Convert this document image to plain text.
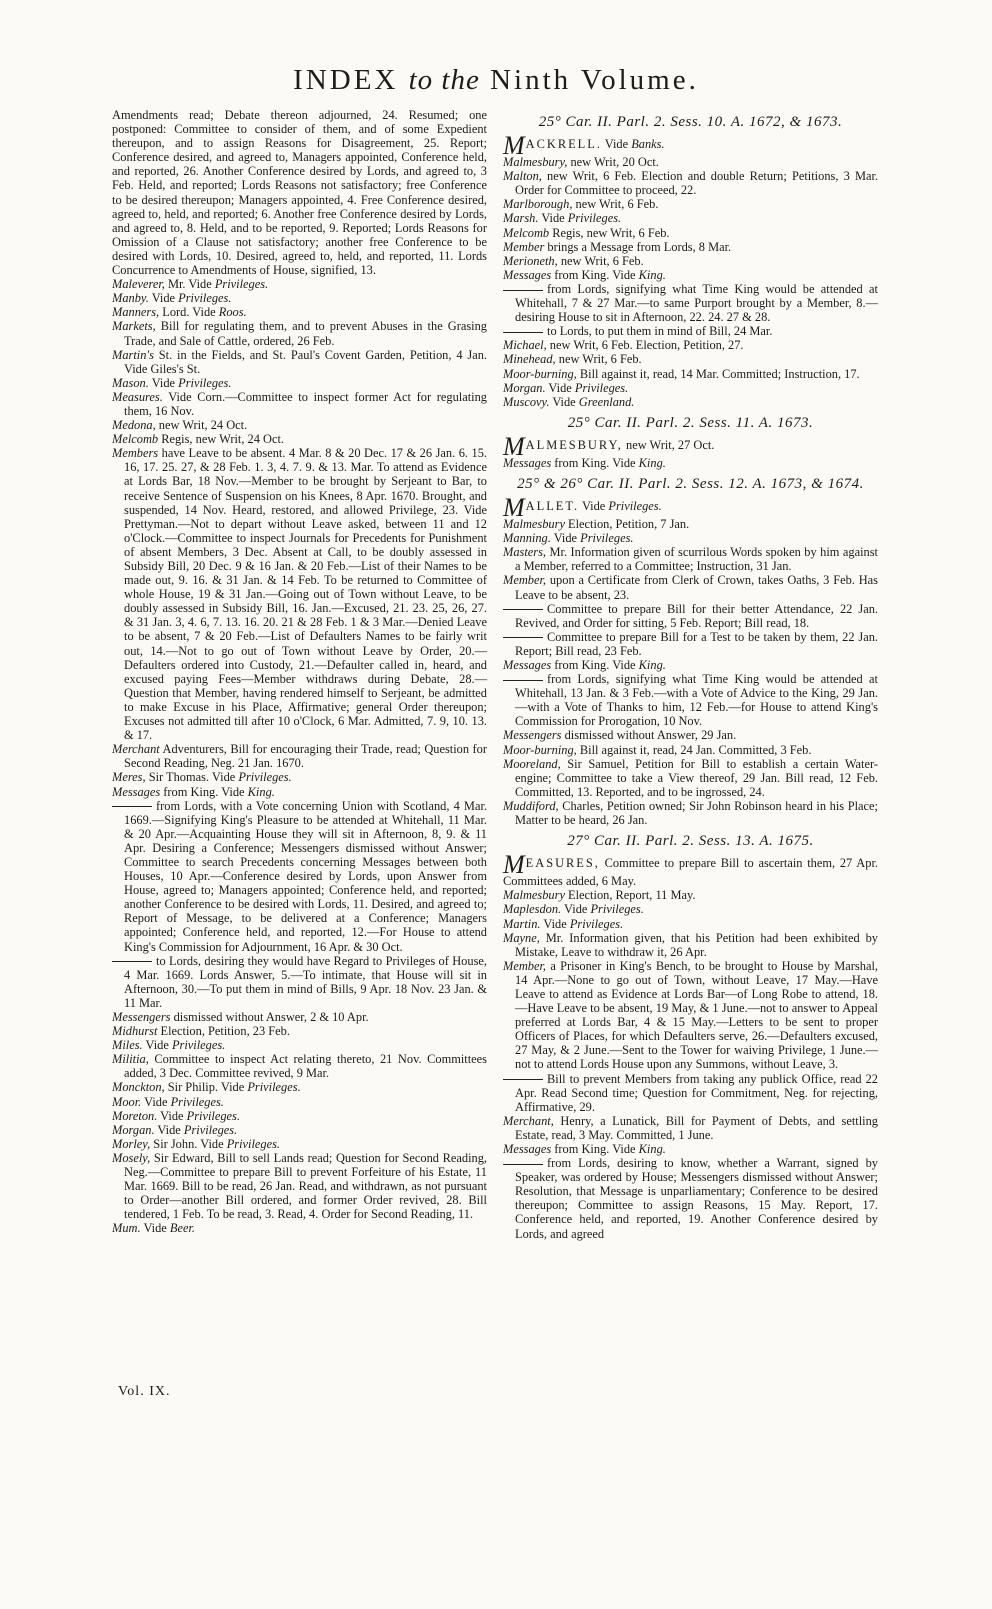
INDEX to the Ninth Volume.

Amendments read; Debate thereon adjourned, 24. Resumed; one postponed: Committee to consider of them, and of some Expedient thereupon, and to assign Reasons for Disagreement, 25. Report; Conference desired, and agreed to, Managers appointed, Conference held, and reported, 26. Another Conference desired by Lords, and agreed to, 3 Feb. Held, and reported; Lords Reasons not satisfactory; free Conference to be desired thereupon; Managers appointed, 4. Free Conference desired, agreed to, held, and reported; 6. Another free Conference desired by Lords, and agreed to, 8. Held, and to be reported, 9. Reported; Lords Reasons for Omission of a Clause not satisfactory; another free Conference to be desired with Lords, 10. Desired, agreed to, held, and reported, 11. Lords Concurrence to Amendments of House, signified, 13.

Maleverer, Mr. Vide Privileges.

Manby. Vide Privileges.

Manners, Lord. Vide Roos.

Markets, Bill for regulating them, and to prevent Abuses in the Grasing Trade, and Sale of Cattle, ordered, 26 Feb.

Martin's St. in the Fields, and St. Paul's Covent Garden, Petition, 4 Jan. Vide Giles's St.

Mason. Vide Privileges.

Measures. Vide Corn.—Committee to inspect former Act for regulating them, 16 Nov.

Medona, new Writ, 24 Oct.

Melcomb Regis, new Writ, 24 Oct.

Members have Leave to be absent. 4 Mar. 8 & 20 Dec. 17 & 26 Jan. 6. 15. 16, 17. 25. 27, & 28 Feb. 1. 3, 4. 7. 9. & 13. Mar. To attend as Evidence at Lords Bar, 18 Nov.—Member to be brought by Serjeant to Bar, to receive Sentence of Suspension on his Knees, 8 Apr. 1670. Brought, and suspended, 14 Nov. Heard, restored, and allowed Privilege, 23. Vide Prettyman.—Not to depart without Leave asked, between 11 and 12 o'Clock.—Committee to inspect Journals for Precedents for Punishment of absent Members, 3 Dec. Absent at Call, to be doubly assessed in Subsidy Bill, 20 Dec. 9 & 16 Jan. & 20 Feb.—List of their Names to be made out, 9. 16. & 31 Jan. & 14 Feb. To be returned to Committee of whole House, 19 & 31 Jan.—Going out of Town without Leave, to be doubly assessed in Subsidy Bill, 16. Jan.—Excused, 21. 23. 25, 26, 27. & 31 Jan. 3, 4. 6, 7. 13. 16. 20. 21 & 28 Feb. 1 & 3 Mar.—Denied Leave to be absent, 7 & 20 Feb.—List of Defaulters Names to be fairly writ out, 14.—Not to go out of Town without Leave by Order, 20.—Defaulters ordered into Custody, 21.—Defaulter called in, heard, and excused paying Fees—Member withdraws during Debate, 28.—Question that Member, having rendered himself to Serjeant, be admitted to make Excuse in his Place, Affirmative; general Order thereupon; Excuses not admitted till after 10 o'Clock, 6 Mar. Admitted, 7. 9, 10. 13. & 17.

Merchant Adventurers, Bill for encouraging their Trade, read; Question for Second Reading, Neg. 21 Jan. 1670.

Meres, Sir Thomas. Vide Privileges.

Messages from King. Vide King.

from Lords, with a Vote concerning Union with Scotland, 4 Mar. 1669.—Signifying King's Pleasure to be attended at Whitehall, 11 Mar. & 20 Apr.—Acquainting House they will sit in Afternoon, 8, 9. & 11 Apr. Desiring a Conference; Messengers dismissed without Answer; Committee to search Precedents concerning Messages between both Houses, 10 Apr.—Conference desired by Lords, upon Answer from House, agreed to; Managers appointed; Conference held, and reported; another Conference to be desired with Lords, 11. Desired, and agreed to; Report of Message, to be delivered at a Conference; Managers appointed; Conference held, and reported, 12.—For House to attend King's Commission for Adjournment, 16 Apr. & 30 Oct.

to Lords, desiring they would have Regard to Privileges of House, 4 Mar. 1669. Lords Answer, 5.—To intimate, that House will sit in Afternoon, 30.—To put them in mind of Bills, 9 Apr. 18 Nov. 23 Jan. & 11 Mar.

Messengers dismissed without Answer, 2 & 10 Apr.

Midhurst Election, Petition, 23 Feb.

Miles. Vide Privileges.

Militia, Committee to inspect Act relating thereto, 21 Nov. Committees added, 3 Dec. Committee revived, 9 Mar.

Monckton, Sir Philip. Vide Privileges.

Moor. Vide Privileges.

Moreton. Vide Privileges.

Morgan. Vide Privileges.

Morley, Sir John. Vide Privileges.

Mosely, Sir Edward, Bill to sell Lands read; Question for Second Reading, Neg.—Committee to prepare Bill to prevent Forfeiture of his Estate, 11 Mar. 1669. Bill to be read, 26 Jan. Read, and withdrawn, as not pursuant to Order—another Bill ordered, and former Order revived, 28. Bill tendered, 1 Feb. To be read, 3. Read, 4. Order for Second Reading, 11.

Mum. Vide Beer.

25° Car. II. Parl. 2. Sess. 10. A. 1672, & 1673.

MACKRELL. Vide Banks.

Malmesbury, new Writ, 20 Oct.

Malton, new Writ, 6 Feb. Election and double Return; Petitions, 3 Mar. Order for Committee to proceed, 22.

Marlborough, new Writ, 6 Feb.

Marsh. Vide Privileges.

Melcomb Regis, new Writ, 6 Feb.

Member brings a Message from Lords, 8 Mar.

Merioneth, new Writ, 6 Feb.

Messages from King. Vide King.

from Lords, signifying what Time King would be attended at Whitehall, 7 & 27 Mar.—to same Purport brought by a Member, 8.—desiring House to sit in Afternoon, 22. 24. 27 & 28.

to Lords, to put them in mind of Bill, 24 Mar.

Michael, new Writ, 6 Feb. Election, Petition, 27.

Minehead, new Writ, 6 Feb.

Moor-burning, Bill against it, read, 14 Mar. Committed; Instruction, 17.

Morgan. Vide Privileges.

Muscovy. Vide Greenland.

25° Car. II. Parl. 2. Sess. 11. A. 1673.

MALMESBURY, new Writ, 27 Oct.

Messages from King. Vide King.

25° & 26° Car. II. Parl. 2. Sess. 12. A. 1673, & 1674.

MALLET. Vide Privileges.

Malmesbury Election, Petition, 7 Jan.

Manning. Vide Privileges.

Masters, Mr. Information given of scurrilous Words spoken by him against a Member, referred to a Committee; Instruction, 31 Jan.

Member, upon a Certificate from Clerk of Crown, takes Oaths, 3 Feb. Has Leave to be absent, 23.

Committee to prepare Bill for their better Attendance, 22 Jan. Revived, and Order for sitting, 5 Feb. Report; Bill read, 18.

Committee to prepare Bill for a Test to be taken by them, 22 Jan. Report; Bill read, 23 Feb.

Messages from King. Vide King.

from Lords, signifying what Time King would be attended at Whitehall, 13 Jan. & 3 Feb.—with a Vote of Advice to the King, 29 Jan.—with a Vote of Thanks to him, 12 Feb.—for House to attend King's Commission for Prorogation, 10 Nov.

Messengers dismissed without Answer, 29 Jan.

Moor-burning, Bill against it, read, 24 Jan. Committed, 3 Feb.

Mooreland, Sir Samuel, Petition for Bill to establish a certain Water-engine; Committee to take a View thereof, 29 Jan. Bill read, 12 Feb. Committed, 13. Reported, and to be ingrossed, 24.

Muddiford, Charles, Petition owned; Sir John Robinson heard in his Place; Matter to be heard, 26 Jan.

27° Car. II. Parl. 2. Sess. 13. A. 1675.

MEASURES, Committee to prepare Bill to ascertain them, 27 Apr. Committees added, 6 May.

Malmesbury Election, Report, 11 May.

Maplesdon. Vide Privileges.

Martin. Vide Privileges.

Mayne, Mr. Information given, that his Petition had been exhibited by Mistake, Leave to withdraw it, 26 Apr.

Member, a Prisoner in King's Bench, to be brought to House by Marshal, 14 Apr.—None to go out of Town, without Leave, 17 May.—Have Leave to attend as Evidence at Lords Bar—of Long Robe to attend, 18.—Have Leave to be absent, 19 May, & 1 June.—not to answer to Appeal preferred at Lords Bar, 4 & 15 May.—Letters to be sent to proper Officers of Places, for which Defaulters serve, 26.—Defaulters excused, 27 May, & 2 June.—Sent to the Tower for waiving Privilege, 1 June.—not to attend Lords House upon any Summons, without Leave, 3.

Bill to prevent Members from taking any publick Office, read 22 Apr. Read Second time; Question for Commitment, Neg. for rejecting, Affirmative, 29.

Merchant, Henry, a Lunatick, Bill for Payment of Debts, and settling Estate, read, 3 May. Committed, 1 June.

Messages from King. Vide King.

from Lords, desiring to know, whether a Warrant, signed by Speaker, was ordered by House; Messengers dismissed without Answer; Resolution, that Message is unparliamentary; Conference to be desired thereupon; Committee to assign Reasons, 15 May. Report, 17. Conference held, and reported, 19. Another Conference desired by Lords, and agreed

Vol. IX.
